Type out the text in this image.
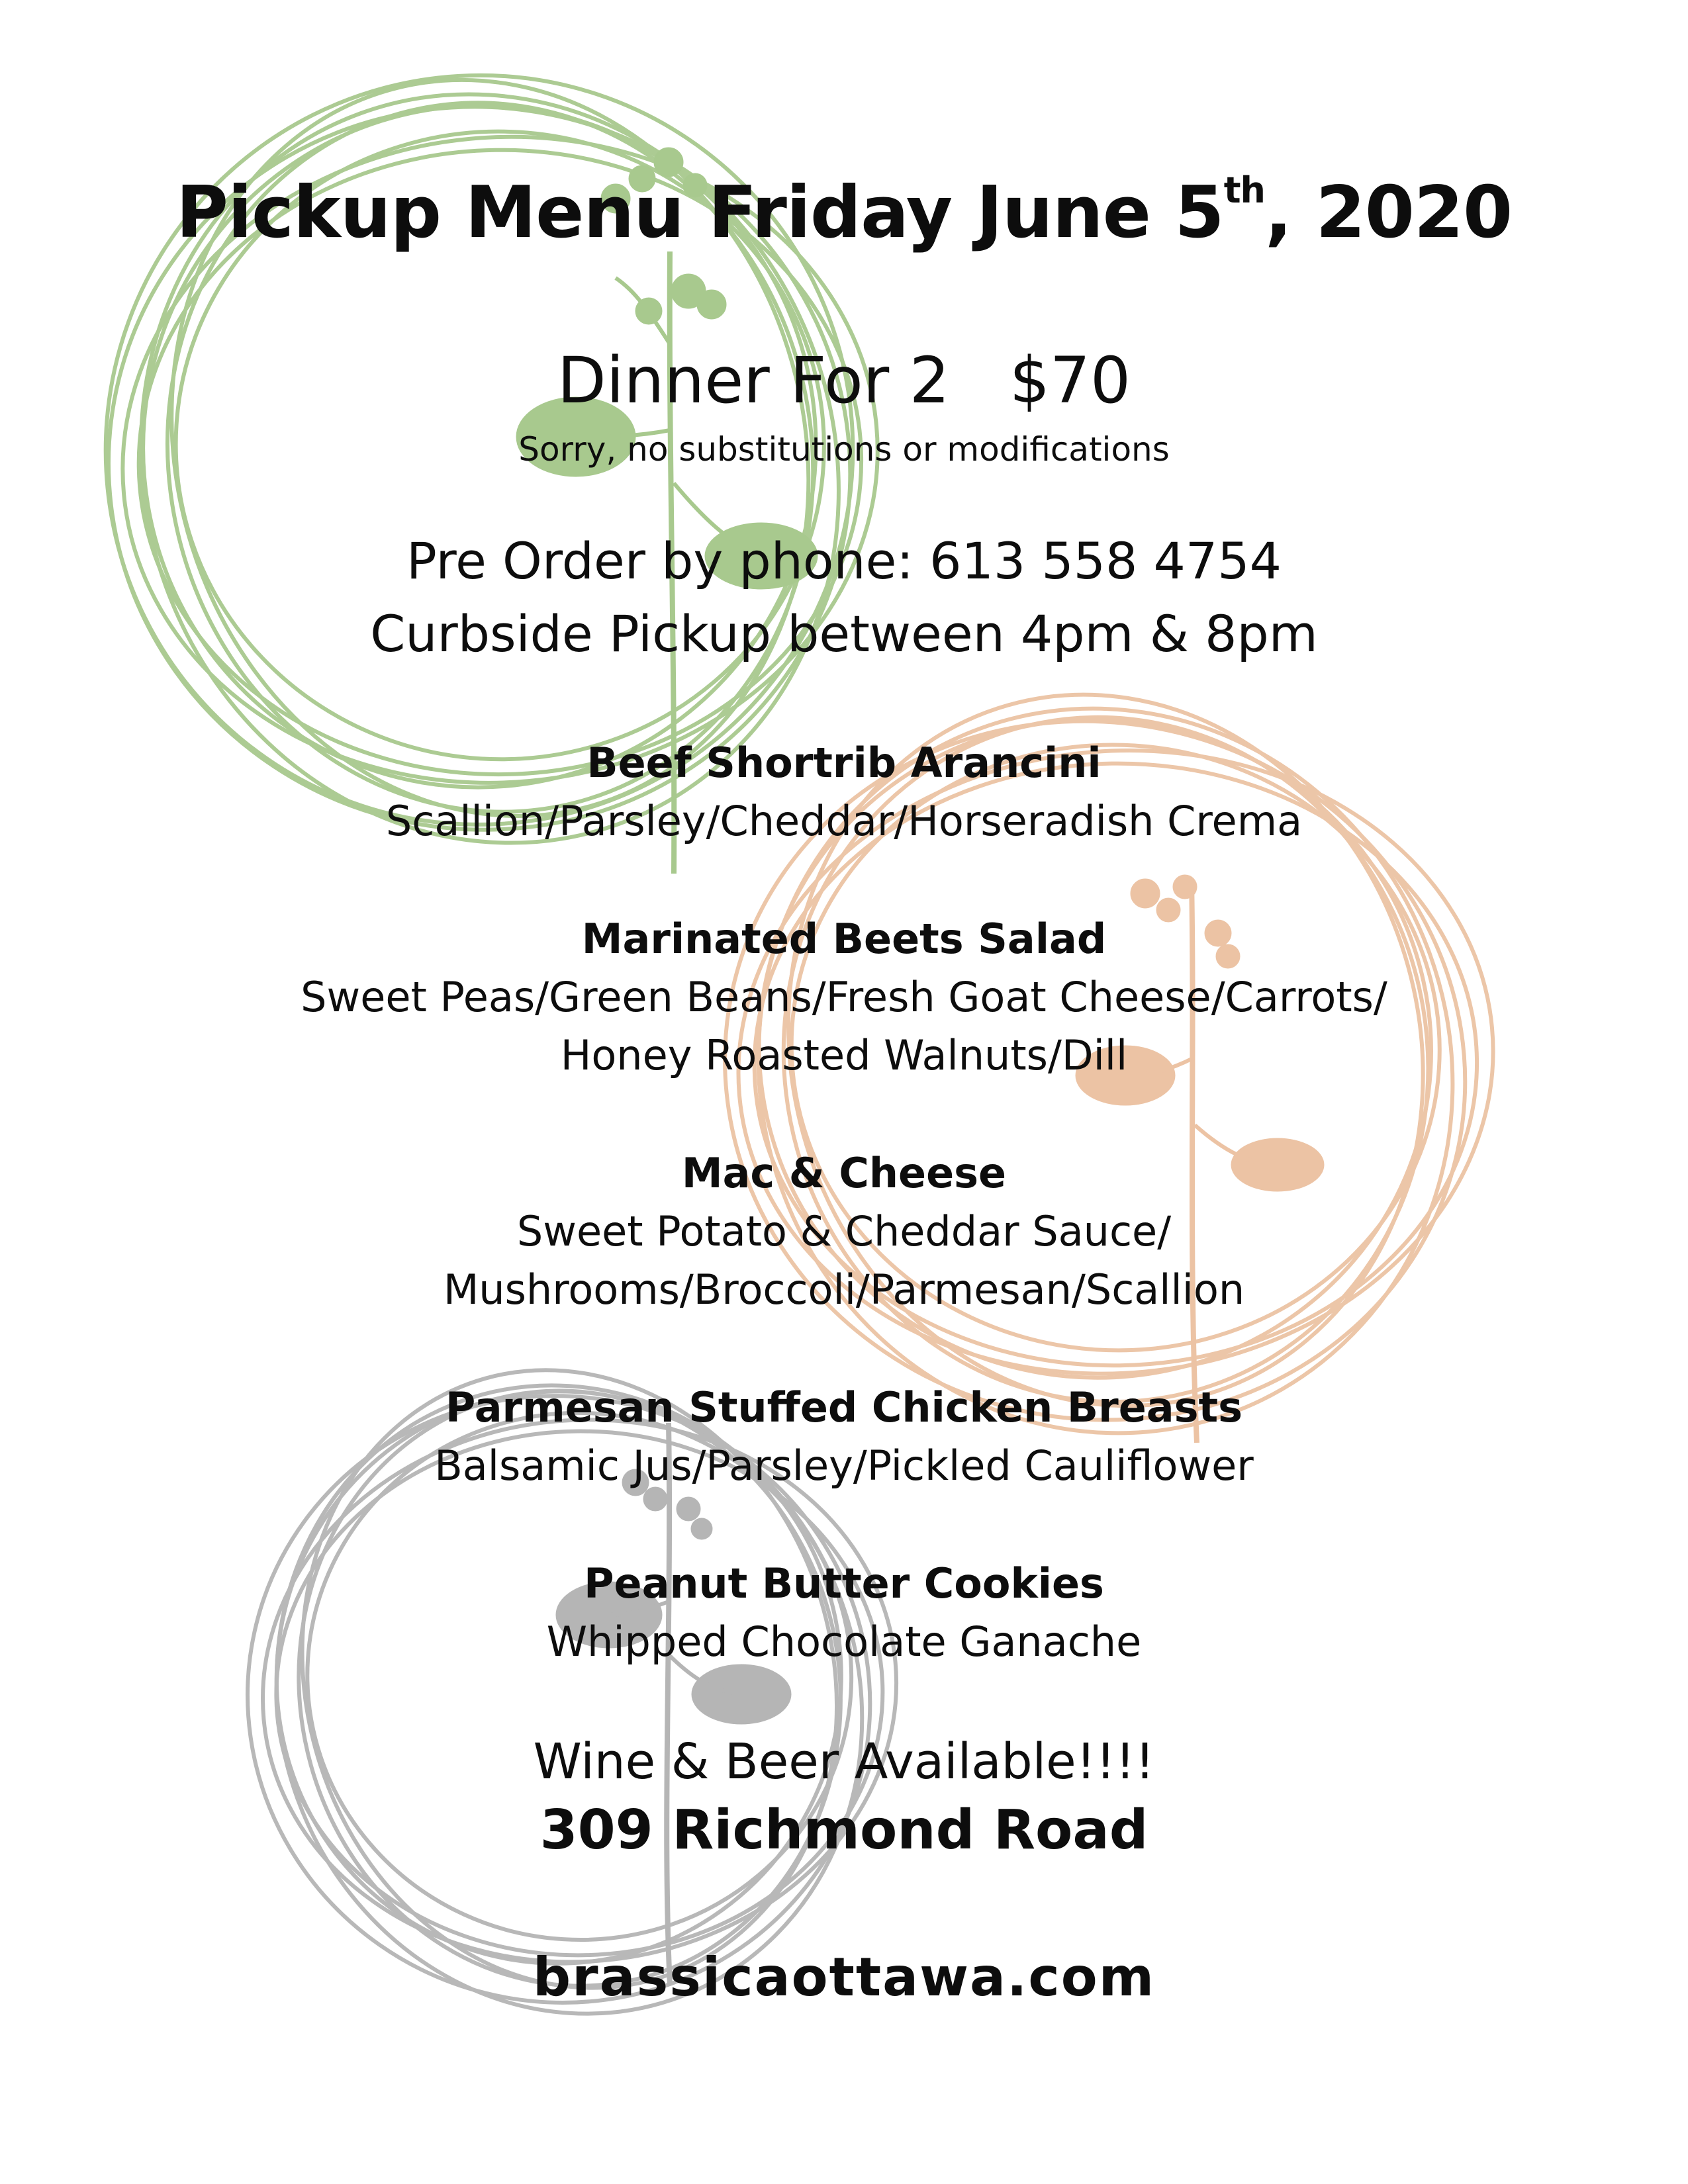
Pickup Menu Friday June 5th, 2020
Dinner For 2 $70
Sorry, no substitutions or modifications
Pre Order by phone: 613 558 4754
Curbside Pickup between 4pm & 8pm
Beef Shortrib Arancini
Scallion/Parsley/Cheddar/Horseradish Crema
Marinated Beets Salad
Sweet Peas/Green Beans/Fresh Goat Cheese/Carrots/
Honey Roasted Walnuts/Dill
Mac & Cheese
Sweet Potato & Cheddar Sauce/
Mushrooms/Broccoli/Parmesan/Scallion
Parmesan Stuffed Chicken Breasts
Balsamic Jus/Parsley/Pickled Cauliflower
Peanut Butter Cookies
Whipped Chocolate Ganache
Wine & Beer Available!!!!
309 Richmond Road
brassicaottawa.com
